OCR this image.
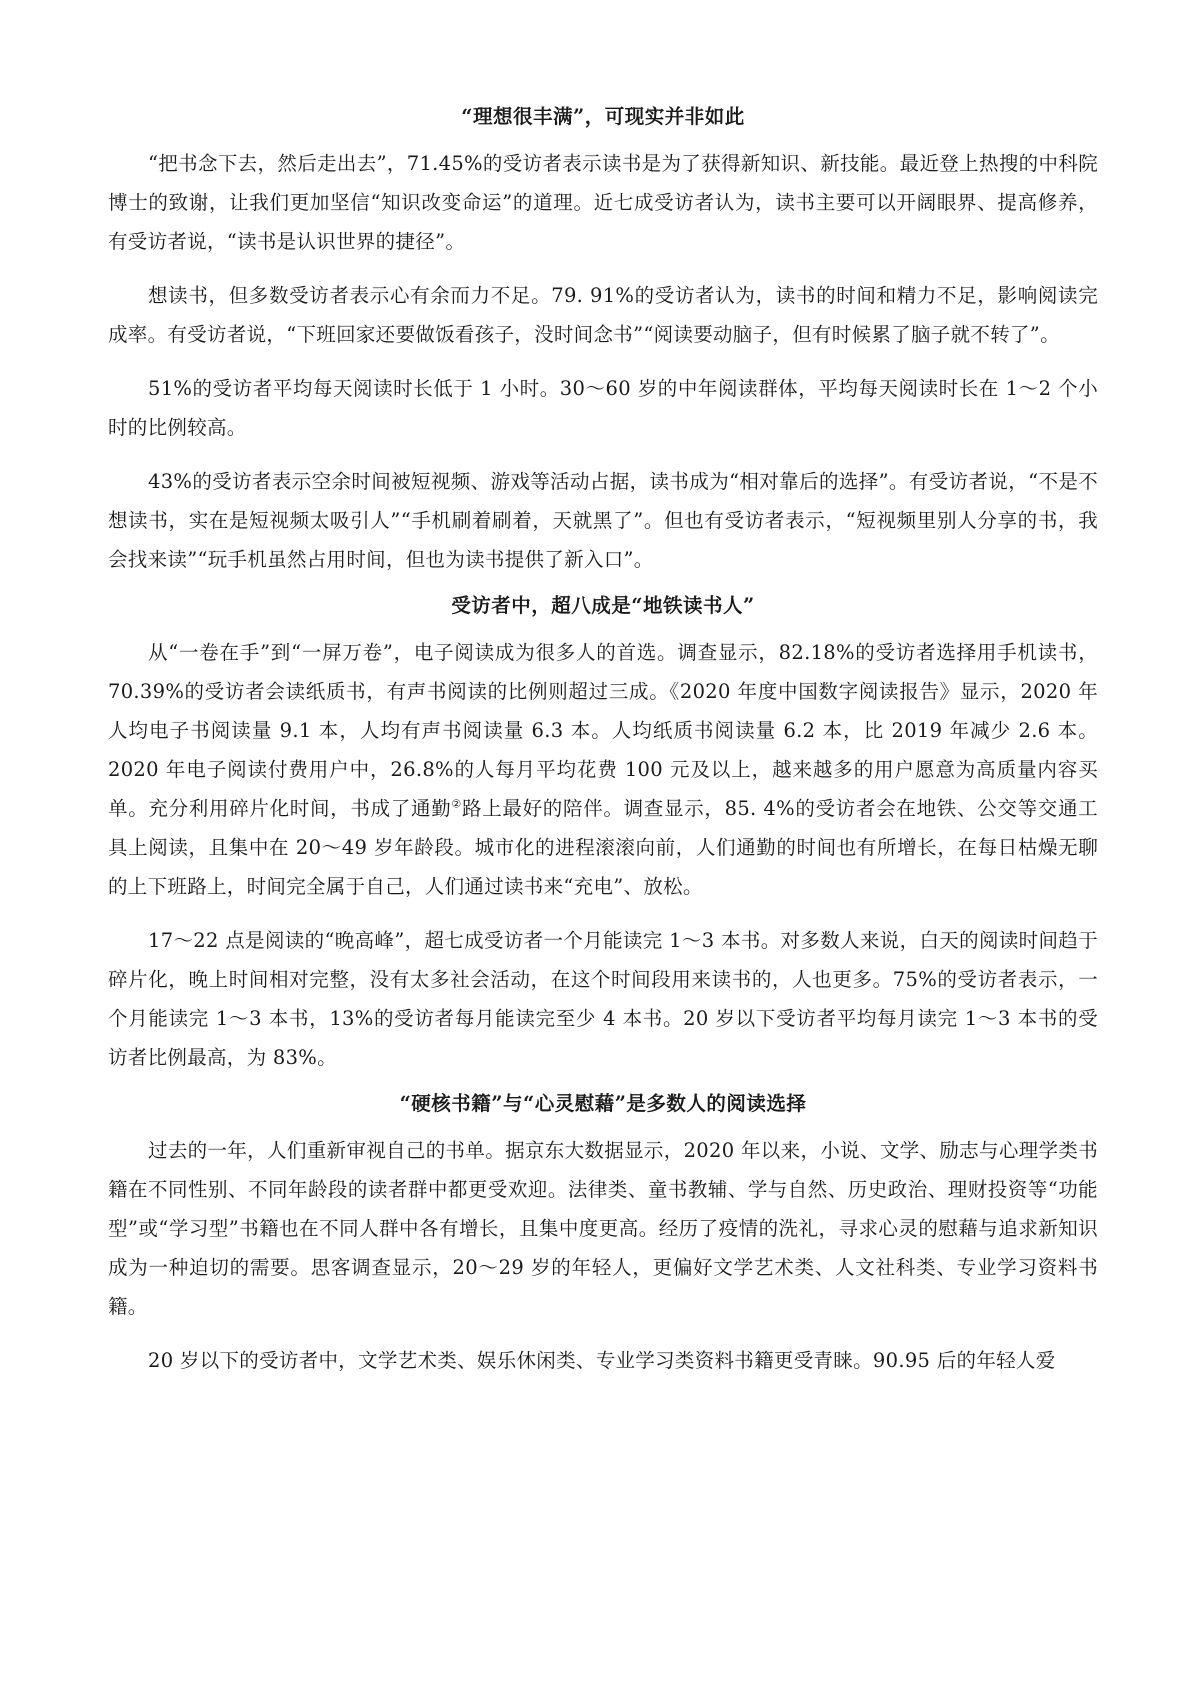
“理想很丰满”，可现实并非如此

“把书念下去，然后走出去”，71.45%的受访者表示读书是为了获得新知识、新技能。最近登上热搜的中科院博士的致谢，让我们更加坚信“知识改变命运”的道理。近七成受访者认为，读书主要可以开阔眼界、提高修养，有受访者说，“读书是认识世界的捷径”。

想读书，但多数受访者表示心有余而力不足。79. 91%的受访者认为，读书的时间和精力不足，影响阅读完成率。有受访者说，“下班回家还要做饭看孩子，没时间念书”“阅读要动脑子，但有时候累了脑子就不转了”。

51%的受访者平均每天阅读时长低于 1 小时。30～60 岁的中年阅读群体，平均每天阅读时长在 1～2 个小时的比例较高。

43%的受访者表示空余时间被短视频、游戏等活动占据，读书成为“相对靠后的选择”。有受访者说，“不是不想读书，实在是短视频太吸引人”“手机刷着刷着，天就黑了”。但也有受访者表示，“短视频里别人分享的书，我会找来读”“玩手机虽然占用时间，但也为读书提供了新入口”。

受访者中，超八成是“地铁读书人”

从“一卷在手”到“一屏万卷”，电子阅读成为很多人的首选。调查显示，82.18%的受访者选择用手机读书，70.39%的受访者会读纸质书，有声书阅读的比例则超过三成。《2020 年度中国数字阅读报告》显示，2020 年人均电子书阅读量 9.1 本，人均有声书阅读量 6.3 本。人均纸质书阅读量 6.2 本，比 2019 年减少 2.6 本。2020 年电子阅读付费用户中，26.8%的人每月平均花费 100 元及以上，越来越多的用户愿意为高质量内容买单。充分利用碎片化时间，书成了通勤②路上最好的陪伴。调查显示，85. 4%的受访者会在地铁、公交等交通工具上阅读，且集中在 20～49 岁年龄段。城市化的进程滚滚向前，人们通勤的时间也有所增长，在每日枯燥无聊的上下班路上，时间完全属于自己，人们通过读书来“充电”、放松。

17～22 点是阅读的“晚高峰”，超七成受访者一个月能读完 1～3 本书。对多数人来说，白天的阅读时间趋于碎片化，晚上时间相对完整，没有太多社会活动，在这个时间段用来读书的，人也更多。75%的受访者表示，一个月能读完 1～3 本书，13%的受访者每月能读完至少 4 本书。20 岁以下受访者平均每月读完 1～3 本书的受访者比例最高，为 83%。

“硬核书籍”与“心灵慰藉”是多数人的阅读选择

过去的一年，人们重新审视自己的书单。据京东大数据显示，2020 年以来，小说、文学、励志与心理学类书籍在不同性别、不同年龄段的读者群中都更受欢迎。法律类、童书教辅、学与自然、历史政治、理财投资等“功能型”或“学习型”书籍也在不同人群中各有增长，且集中度更高。经历了疫情的洗礼，寻求心灵的慰藉与追求新知识成为一种迫切的需要。思客调查显示，20～29 岁的年轻人，更偏好文学艺术类、人文社科类、专业学习资料书籍。

20 岁以下的受访者中，文学艺术类、娱乐休闲类、专业学习类资料书籍更受青睐。90.95 后的年轻人爱
